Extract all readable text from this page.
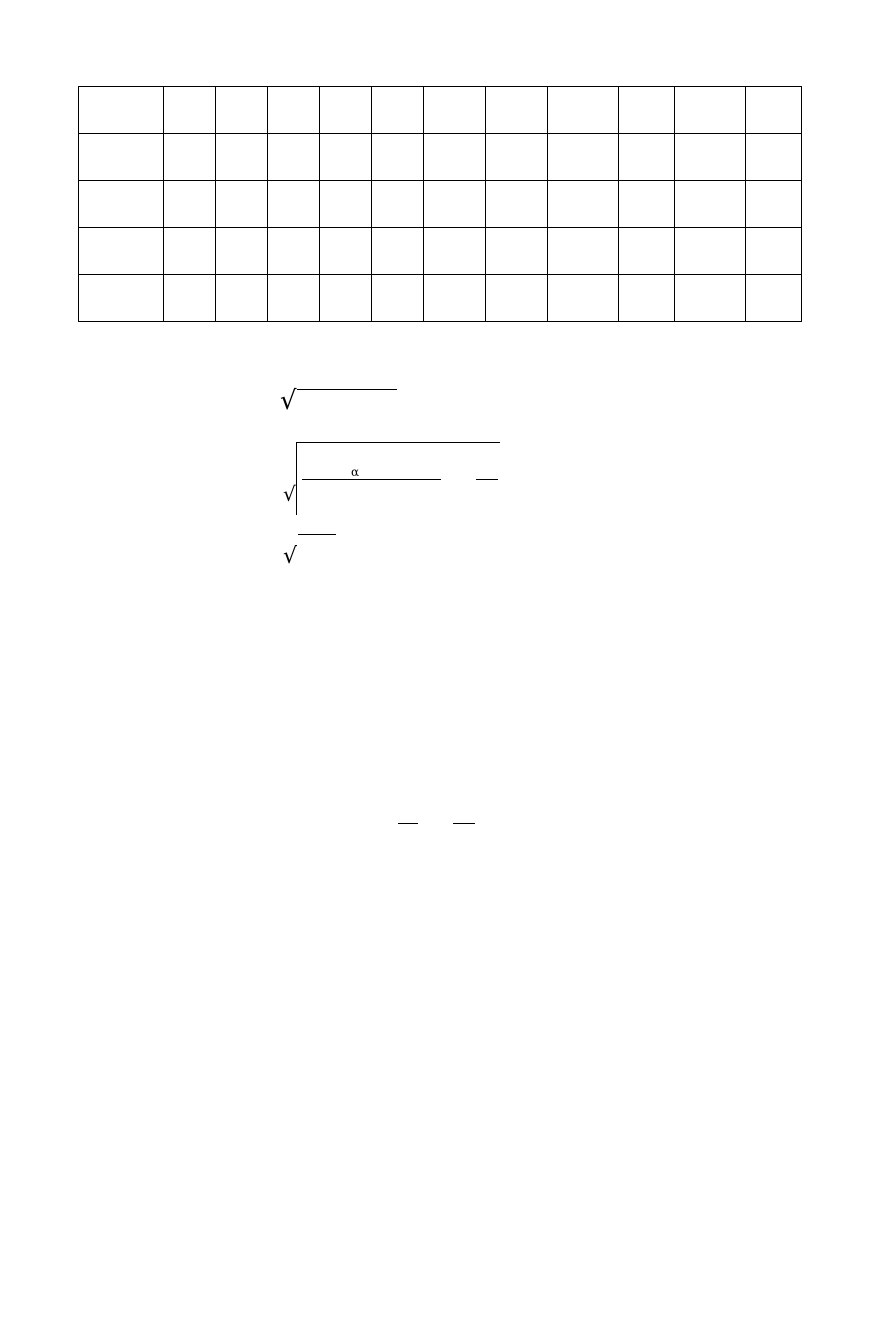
√
√
α
√
